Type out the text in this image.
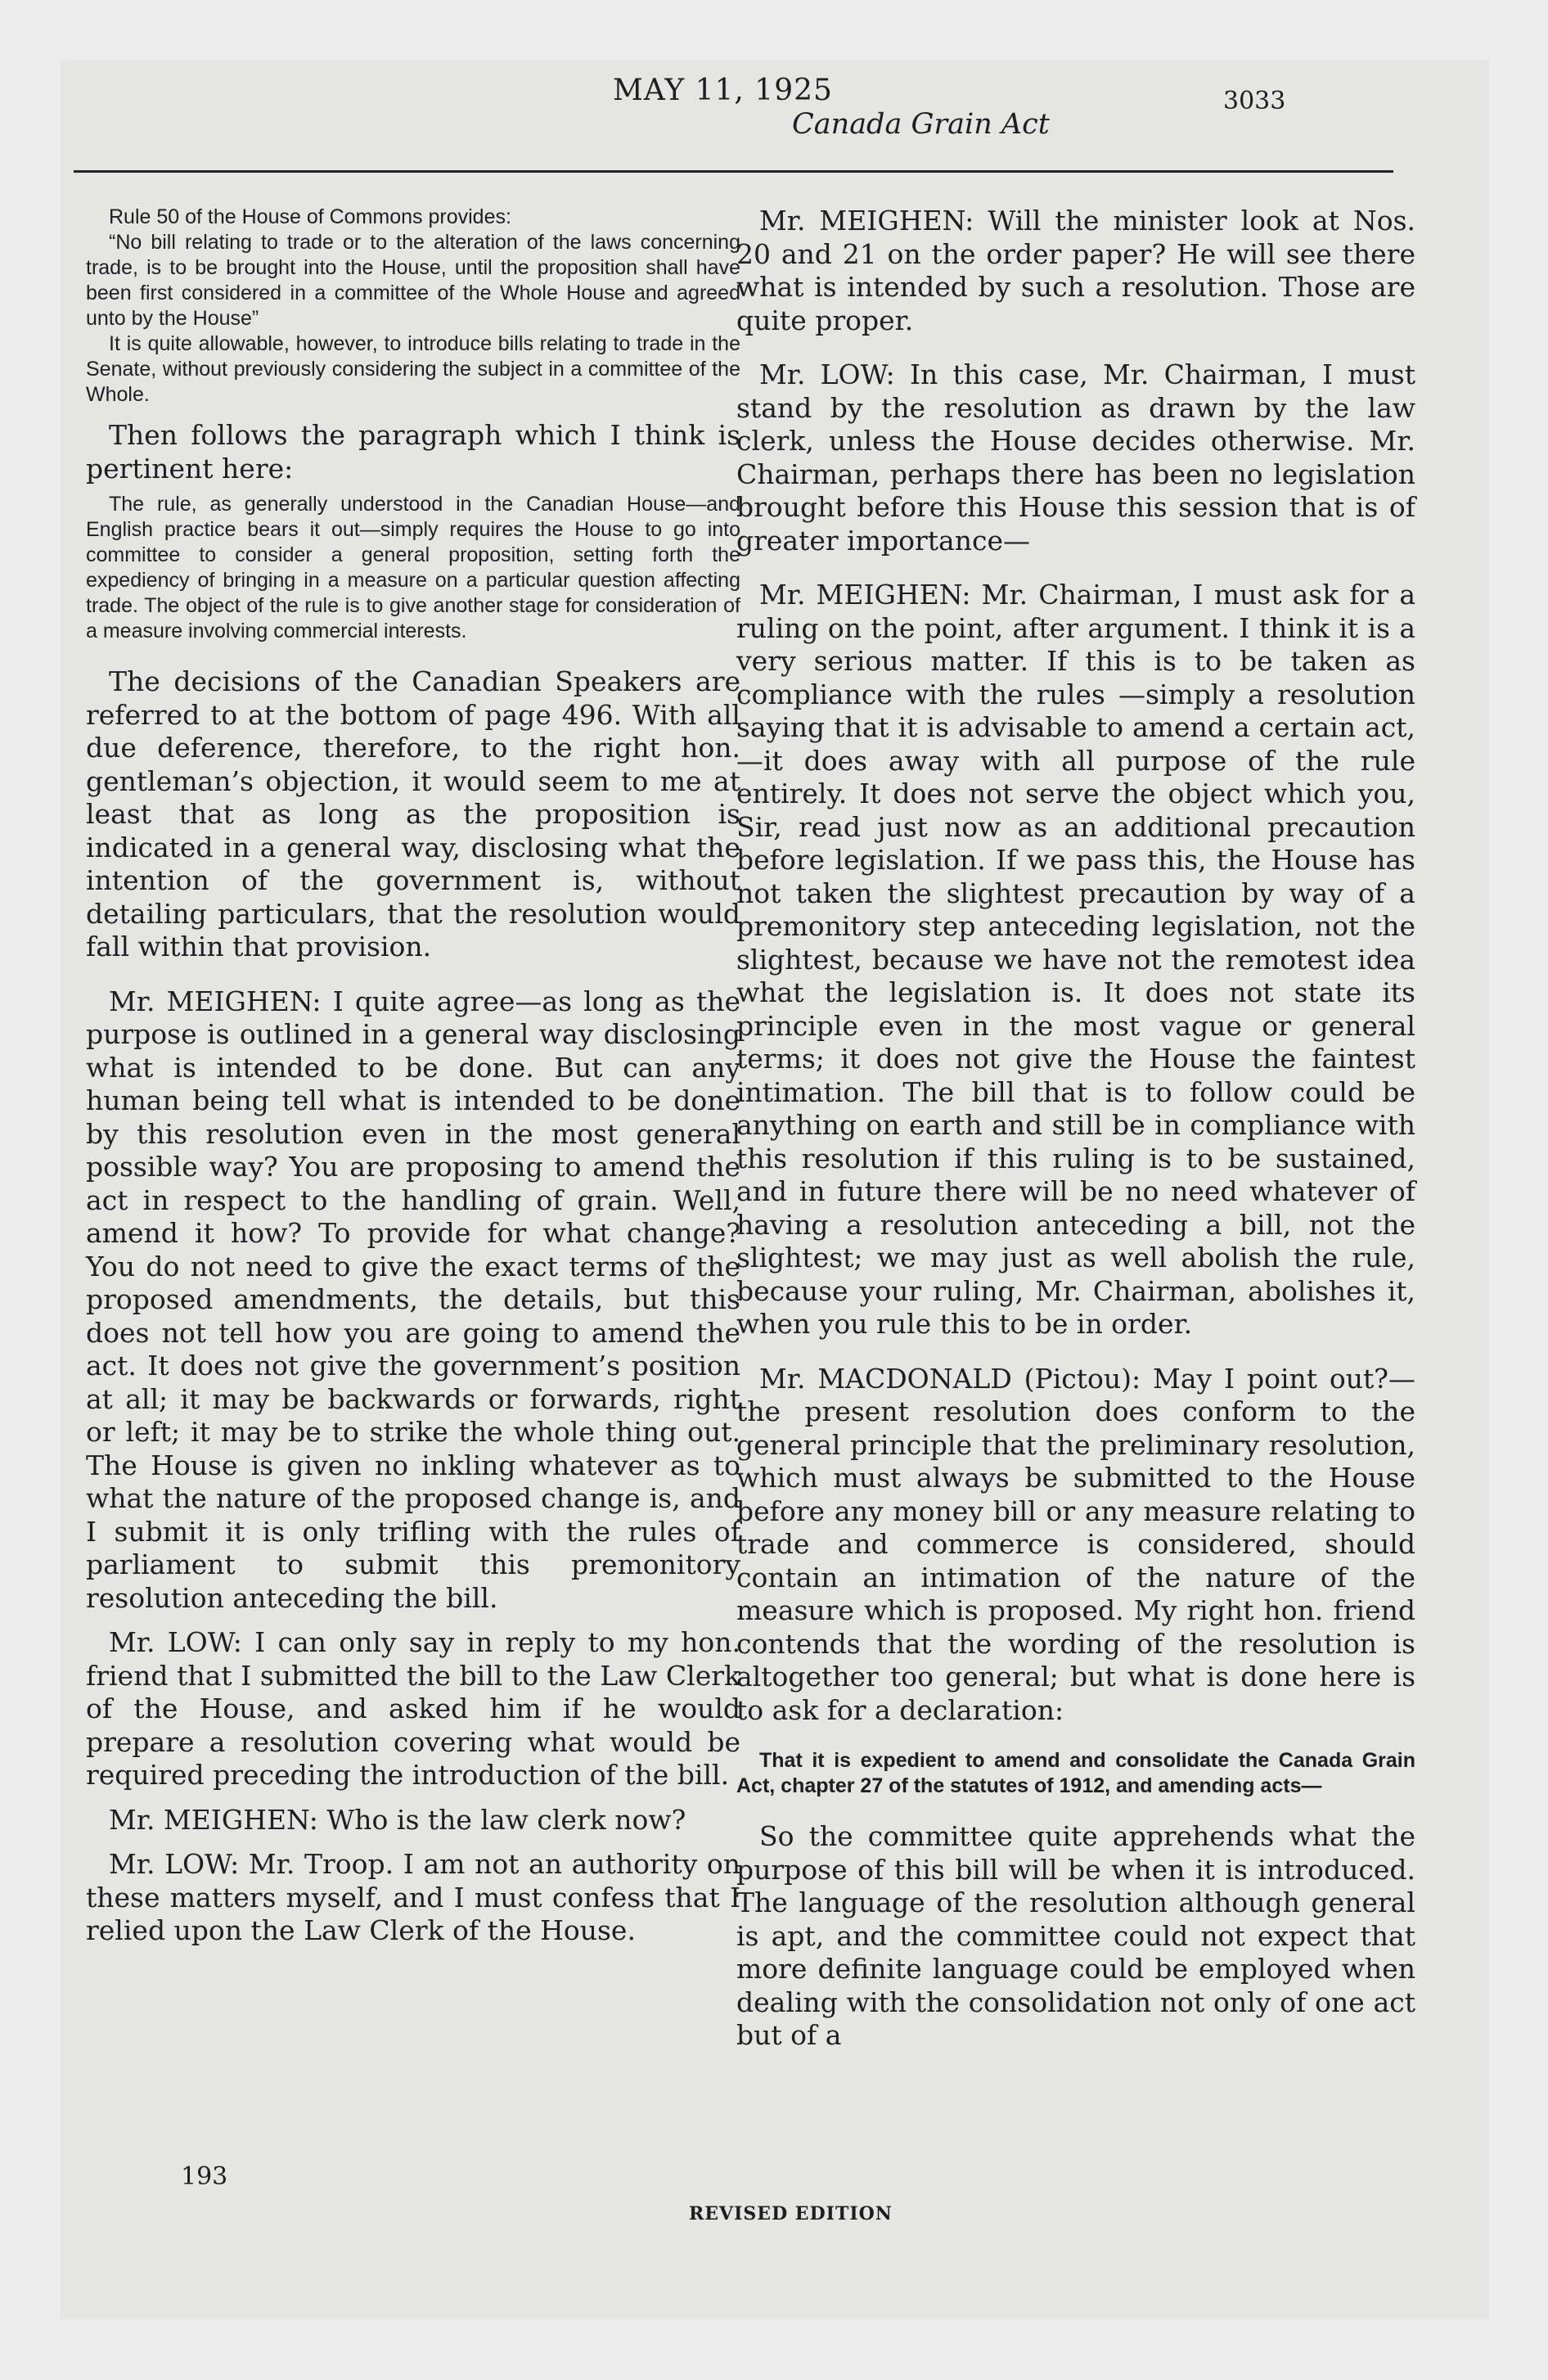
MAY 11, 1925
Canada Grain Act
3033

Rule 50 of the House of Commons provides:

“No bill relating to trade or to the alteration of the laws concerning trade, is to be brought into the House, until the proposition shall have been first considered in a committee of the Whole House and agreed unto by the House”

It is quite allowable, however, to introduce bills relating to trade in the Senate, without previously considering the subject in a committee of the Whole.

Then follows the paragraph which I think is pertinent here:

The rule, as generally understood in the Canadian House—and English practice bears it out—simply requires the House to go into committee to consider a general proposition, setting forth the expediency of bringing in a measure on a particular question affecting trade. The object of the rule is to give another stage for consideration of a measure involving commercial interests.

The decisions of the Canadian Speakers are referred to at the bottom of page 496. With all due deference, therefore, to the right hon. gentleman’s objection, it would seem to me at least that as long as the proposition is indicated in a general way, disclosing what the intention of the government is, without detailing particulars, that the resolution would fall within that provision.

Mr. MEIGHEN: I quite agree—as long as the purpose is outlined in a general way disclosing what is intended to be done. But can any human being tell what is intended to be done by this resolution even in the most general possible way? You are proposing to amend the act in respect to the handling of grain. Well, amend it how? To provide for what change? You do not need to give the exact terms of the proposed amendments, the details, but this does not tell how you are going to amend the act. It does not give the government’s position at all; it may be backwards or forwards, right or left; it may be to strike the whole thing out. The House is given no inkling whatever as to what the nature of the proposed change is, and I submit it is only trifling with the rules of parliament to submit this premonitory resolution anteceding the bill.

Mr. LOW: I can only say in reply to my hon. friend that I submitted the bill to the Law Clerk of the House, and asked him if he would prepare a resolution covering what would be required preceding the introduction of the bill.

Mr. MEIGHEN: Who is the law clerk now?

Mr. LOW: Mr. Troop. I am not an authority on these matters myself, and I must confess that I relied upon the Law Clerk of the House.

Mr. MEIGHEN: Will the minister look at Nos. 20 and 21 on the order paper? He will see there what is intended by such a resolution. Those are quite proper.

Mr. LOW: In this case, Mr. Chairman, I must stand by the resolution as drawn by the law clerk, unless the House decides otherwise. Mr. Chairman, perhaps there has been no legislation brought before this House this session that is of greater importance—

Mr. MEIGHEN: Mr. Chairman, I must ask for a ruling on the point, after argument. I think it is a very serious matter. If this is to be taken as compliance with the rules —simply a resolution saying that it is advisable to amend a certain act,—it does away with all purpose of the rule entirely. It does not serve the object which you, Sir, read just now as an additional precaution before legislation. If we pass this, the House has not taken the slightest precaution by way of a premonitory step anteceding legislation, not the slightest, because we have not the remotest idea what the legislation is. It does not state its principle even in the most vague or general terms; it does not give the House the faintest intimation. The bill that is to follow could be anything on earth and still be in compliance with this resolution if this ruling is to be sustained, and in future there will be no need whatever of having a resolution anteceding a bill, not the slightest; we may just as well abolish the rule, because your ruling, Mr. Chairman, abolishes it, when you rule this to be in order.

Mr. MACDONALD (Pictou): May I point out?—the present resolution does conform to the general principle that the preliminary resolution, which must always be submitted to the House before any money bill or any measure relating to trade and commerce is considered, should contain an intimation of the nature of the measure which is proposed. My right hon. friend contends that the wording of the resolution is altogether too general; but what is done here is to ask for a declaration:

That it is expedient to amend and consolidate the Canada Grain Act, chapter 27 of the statutes of 1912, and amending acts—

So the committee quite apprehends what the purpose of this bill will be when it is introduced. The language of the resolution although general is apt, and the committee could not expect that more definite language could be employed when dealing with the consolidation not only of one act but of a

193
REVISED EDITION
